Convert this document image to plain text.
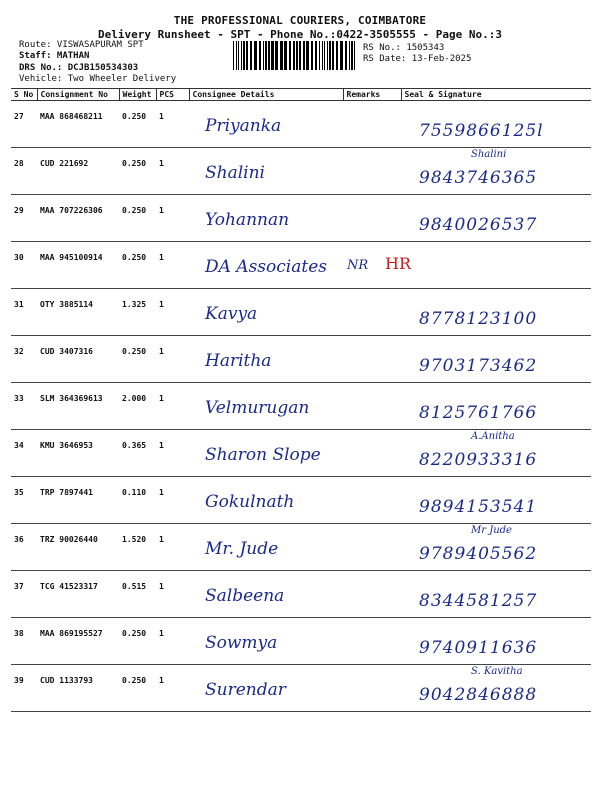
THE PROFESSIONAL COURIERS, COIMBATORE
Delivery Runsheet - SPT - Phone No.:0422-3505555 - Page No.:3
Route: VISWASAPURAM SPT
Staff: MATHAN
DRS No.: DCJB150534303
Vehicle: Two Wheeler Delivery
RS No.: 1505343
RS Date: 13-Feb-2025
S No	Consignment No	Weight	PCS	Consignee Details	Remarks	Seal & Signature
27	MAA 868468211	0.250	1	Priyanka		7559866125l

28	CUD 221692	0.250	1	Shalini		Shalini
9843746365

29	MAA 707226306	0.250	1	Yohannan		9840026537

30	MAA 945100914	0.250	1	DA Associates	NR HR	

31	OTY 3885114	1.325	1	Kavya		8778123100

32	CUD 3407316	0.250	1	Haritha		9703173462

33	SLM 364369613	2.000	1	Velmurugan		8125761766

34	KMU 3646953	0.365	1	Sharon Slope		A.Anitha
8220933316

35	TRP 7897441	0.110	1	Gokulnath		9894153541

36	TRZ 90026440	1.520	1	Mr. Jude		Mr Jude
9789405562

37	TCG 41523317	0.515	1	Salbeena		8344581257

38	MAA 869195527	0.250	1	Sowmya		9740911636

39	CUD 1133793	0.250	1	Surendar		S. Kavitha
9042846888
